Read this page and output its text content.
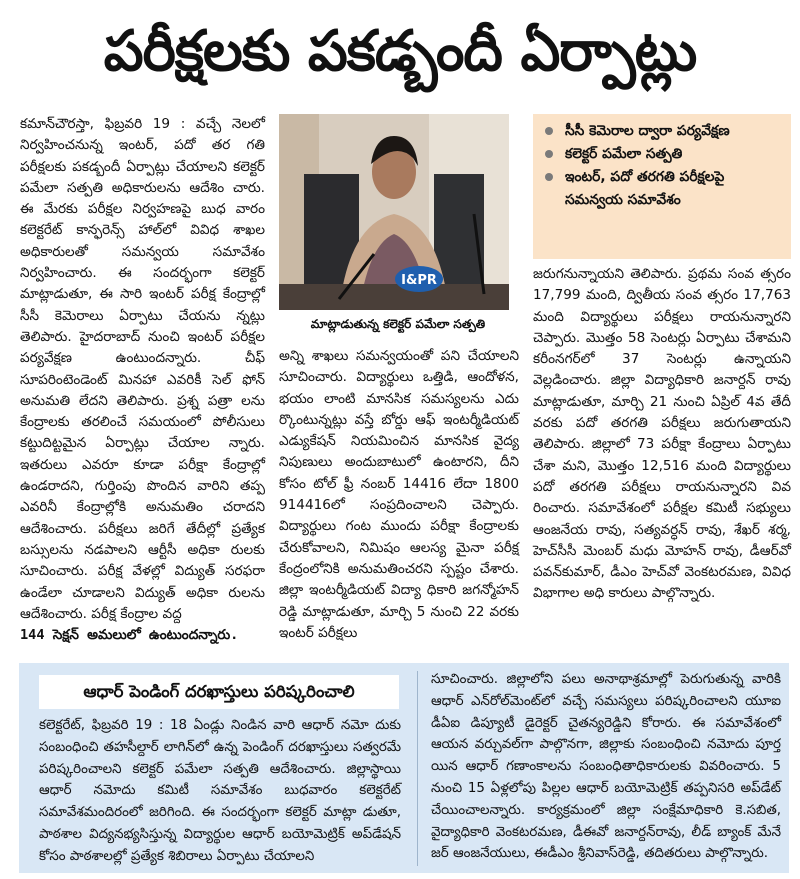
పరీక్షలకు పకడ్బందీ ఏర్పాట్లు

కమాన్‌చౌరస్తా, ఫిబ్రవరి 19 : వచ్చే నెలలో నిర్వహించనున్న ఇంటర్, పదో తర గతి పరీక్షలకు పకడ్బందీ ఏర్పాట్లు చేయాలని కలెక్టర్ పమేలా సత్పతి అధికారులను ఆదేశిం చారు. ఈ మేరకు పరీక్షల నిర్వహణపై బుధ వారం కలెక్టరేట్ కాన్ఫరెన్స్ హాల్‌లో వివిధ శాఖల అధికారులతో సమన్వయ సమావేశం నిర్వహించారు. ఈ సందర్భంగా కలెక్టర్ మాట్లాడుతూ, ఈ సారి ఇంటర్ పరీక్ష కేంద్రాల్లో సీసీ కెమెరాలు ఏర్పాటు చేయను న్నట్లు తెలిపారు. హైదరాబాద్ నుంచి ఇంటర్ పరీక్షల పర్యవేక్షణ ఉంటుందన్నారు. చీఫ్ సూపరింటెండెంట్ మినహా ఎవరికీ సెల్ ఫోన్ అనుమతి లేదని తెలిపారు. ప్రశ్న పత్రా లను కేంద్రాలకు తరలించే సమయంలో పోలీసులు కట్టుదిట్టమైన ఏర్పాట్లు చేయాల న్నారు. ఇతరులు ఎవరూ కూడా పరీక్షా కేంద్రాల్లో ఉండరాదని, గుర్తింపు పొందిన వారిని తప్ప ఎవరినీ కేంద్రాల్లోకి అనుమతిం చరాదని ఆదేశించారు. పరీక్షలు జరిగే తేదీల్లో ప్రత్యేక బస్సులను నడపాలని ఆర్టీసీ అధికా రులకు సూచించారు. పరీక్ష వేళల్లో విద్యుత్ సరఫరా ఉండేలా చూడాలని విద్యుత్ అధికా రులను ఆదేశించారు. పరీక్ష కేంద్రాల వద్ద

144 సెక్షన్ అమలులో ఉంటుందన్నారు.

I&PR
మాట్లాడుతున్న కలెక్టర్ పమేలా సత్పతి
అన్ని శాఖలు సమన్వయంతో పని చేయాలని సూచించారు. విద్యార్థులు ఒత్తిడి, ఆందోళన, భయం లాంటి మానసిక సమస్యలను ఎదు ర్కొంటున్నట్లు వస్తే బోర్డు ఆఫ్ ఇంటర్మీడియట్ ఎడ్యుకేషన్ నియమించిన మానసిక వైద్య నిపుణులు అందుబాటులో ఉంటారని, దీని కోసం టోల్ ఫ్రీ నంబర్ 14416 లేదా 1800 914416లో సంప్రదించాలని చెప్పారు. విద్యార్థులు గంట ముందు పరీక్షా కేంద్రాలకు చేరుకోవాలని, నిమిషం ఆలస్య మైనా పరీక్ష కేంద్రంలోనికి అనుమతించరని స్పష్టం చేశారు. జిల్లా ఇంటర్మీడియట్ విద్యా ధికారి జగన్మోహన్ రెడ్డి మాట్లాడుతూ, మార్చి 5 నుంచి 22 వరకు ఇంటర్ పరీక్షలు
సీసీ కెమెరాల ద్వారా పర్యవేక్షణ
కలెక్టర్ పమేలా సత్పతి
ఇంటర్, పదో తరగతి పరీక్షలపై సమన్వయ సమావేశం
జరుగనున్నాయని తెలిపారు. ప్రథమ సంవ త్సరం 17,799 మంది, ద్వితీయ సంవ త్సరం 17,763 మంది విద్యార్థులు పరీక్షలు రాయనున్నారని చెప్పారు. మొత్తం 58 సెంటర్లు ఏర్పాటు చేశామని కరీంనగర్‌లో 37 సెంటర్లు ఉన్నాయని వెల్లడించారు. జిల్లా విద్యాధికారి జనార్దన్ రావు మాట్లాడుతూ, మార్చి 21 నుంచి ఏప్రిల్ 4వ తేదీ వరకు పదో తరగతి పరీక్షలు జరుగుతాయని తెలిపారు. జిల్లాలో 73 పరీక్షా కేంద్రాలు ఏర్పాటు చేశా మని, మొత్తం 12,516 మంది విద్యార్థులు పదో తరగతి పరీక్షలు రాయనున్నారని వివ రించారు. సమావేశంలో పరీక్షల కమిటీ సభ్యులు ఆంజనేయ రావు, సత్యవర్ధన్ రావు, శేఖర్ శర్మ, హెచ్‌సీసీ మెంబర్ మధు మోహన్ రావు, డీఆర్‌వో పవన్‌కుమార్, డీఎం హెచ్‌వో వెంకటరమణ, వివిధ విభాగాల అధి కారులు పాల్గొన్నారు.
ఆధార్ పెండింగ్ దరఖాస్తులు పరిష్కరించాలి
కలెక్టరేట్, ఫిబ్రవరి 19 : 18 ఏండ్లు నిండిన వారి ఆధార్ నమో దుకు సంబంధించి తహసీల్దార్ లాగిన్‌లో ఉన్న పెండింగ్ దరఖాస్తులు సత్వరమే పరిష్కరించాలని కలెక్టర్ పమేలా సత్పతి ఆదేశించారు. జిల్లాస్థాయి ఆధార్ నమోదు కమిటీ సమావేశం బుధవారం కలెక్టరేట్ సమావేశమందిరంలో జరిగింది. ఈ సందర్భంగా కలెక్టర్ మాట్లా డుతూ, పాఠశాల విద్యనభ్యసిస్తున్న విద్యార్థుల ఆధార్ బయోమెట్రిక్ అప్‌డేషన్ కోసం పాఠశాలల్లో ప్రత్యేక శిబిరాలు ఏర్పాటు చేయాలని
సూచించారు. జిల్లాలోని పలు అనాథాశ్రమాల్లో పెరుగుతున్న వారికి ఆధార్ ఎన్‌రోల్‌మెంట్‌లో వచ్చే సమస్యలు పరిష్కరించాలని యూఐ డీఏఐ డిప్యూటీ డైరెక్టర్ చైతన్యరెడ్డిని కోరారు. ఈ సమావేశంలో ఆయన వర్చువల్‌గా పాల్గొనగా, జిల్లాకు సంబంధించి నమోదు పూర్త యిన ఆధార్ గణాంకాలను సంబంధితాధికారులకు వివరించారు. 5 నుంచి 15 ఏళ్లలోపు పిల్లల ఆధార్ బయోమెట్రిక్ తప్పనిసరి అప్‌డేట్ చేయించాలన్నారు. కార్యక్రమంలో జిల్లా సంక్షేమాధికారి కె.సబిత, వైద్యాధికారి వెంకటరమణ, డీఈవో జనార్దన్‌రావు, లీడ్ బ్యాంక్ మేనే జర్ ఆంజనేయులు, ఈడీఎం శ్రీనివాస్‌రెడ్డి, తదితరులు పాల్గొన్నారు.
